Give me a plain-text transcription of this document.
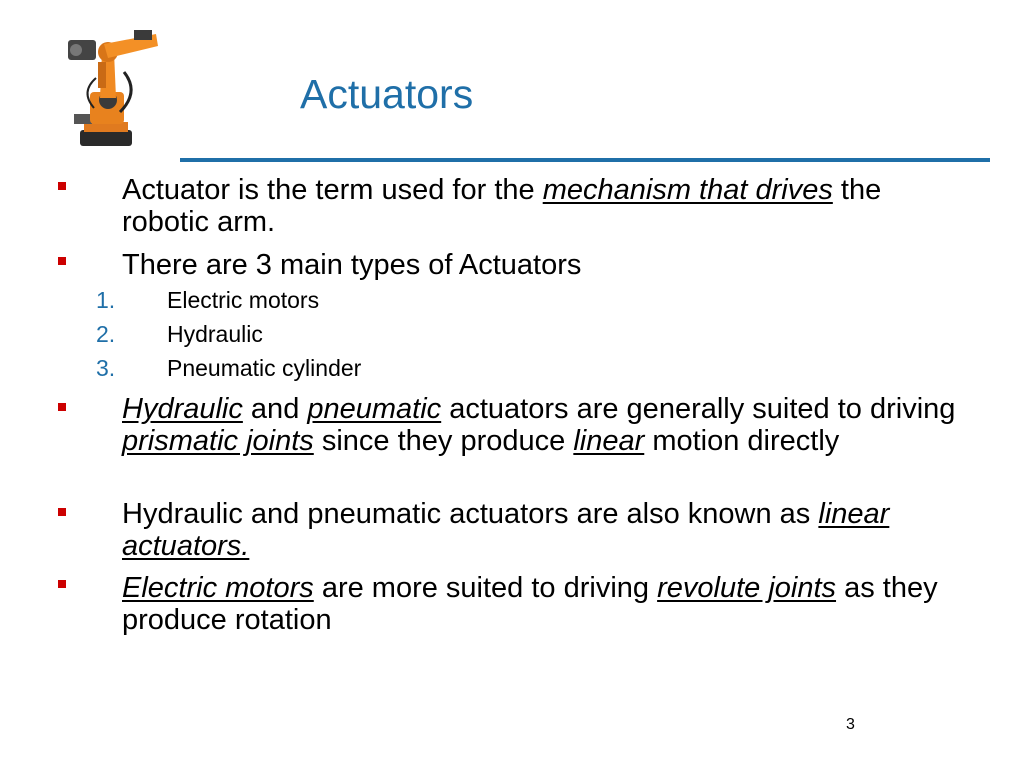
Actuators
Actuator is the term used for the mechanism that drives the robotic arm.
There are 3 main types of Actuators
1.	Electric motors
2.	Hydraulic
3.	Pneumatic cylinder
Hydraulic and pneumatic actuators are generally suited to driving prismatic joints since they produce linear motion directly
Hydraulic and pneumatic actuators are also known as linear actuators.
Electric motors are more suited to driving revolute joints as they produce rotation
3
